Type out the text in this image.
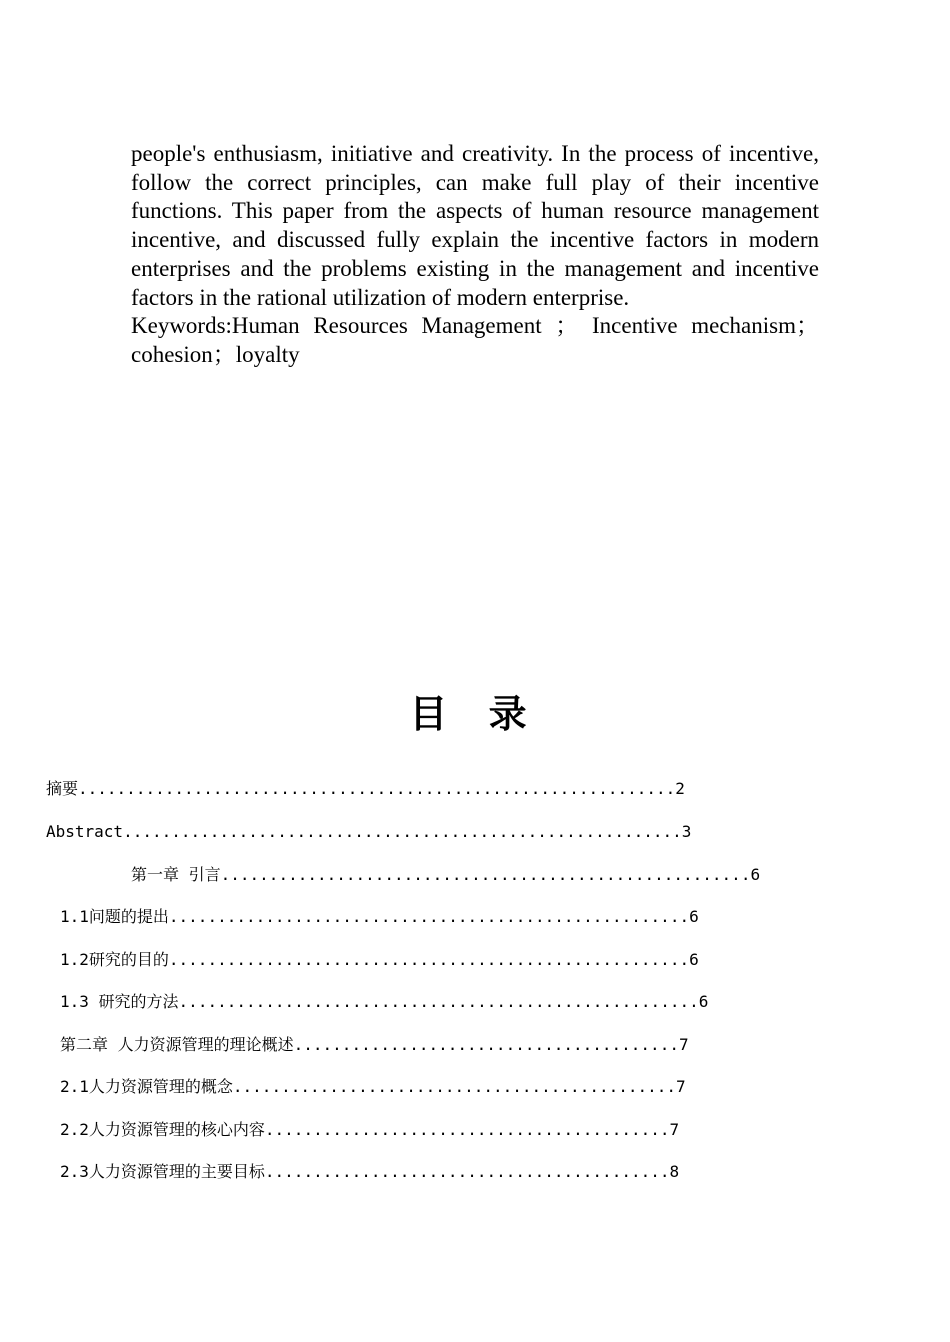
people's enthusiasm, initiative and creativity. In the process of incentive, follow the correct principles, can make full play of their incentive functions. This paper from the aspects of human resource management incentive, and discussed fully explain the incentive factors in modern enterprises and the problems existing in the management and incentive factors in the rational utilization of modern enterprise.

Keywords:Human Resources Management ； Incentive mechanism；cohesion；loyalty

目 录
摘要..............................................................2
Abstract..........................................................3
第一章 引言.......................................................6
1.1问题的提出......................................................6
1.2研究的目的......................................................6
1.3 研究的方法......................................................6
第二章 人力资源管理的理论概述........................................7
2.1人力资源管理的概念..............................................7
2.2人力资源管理的核心内容..........................................7
2.3人力资源管理的主要目标..........................................8
